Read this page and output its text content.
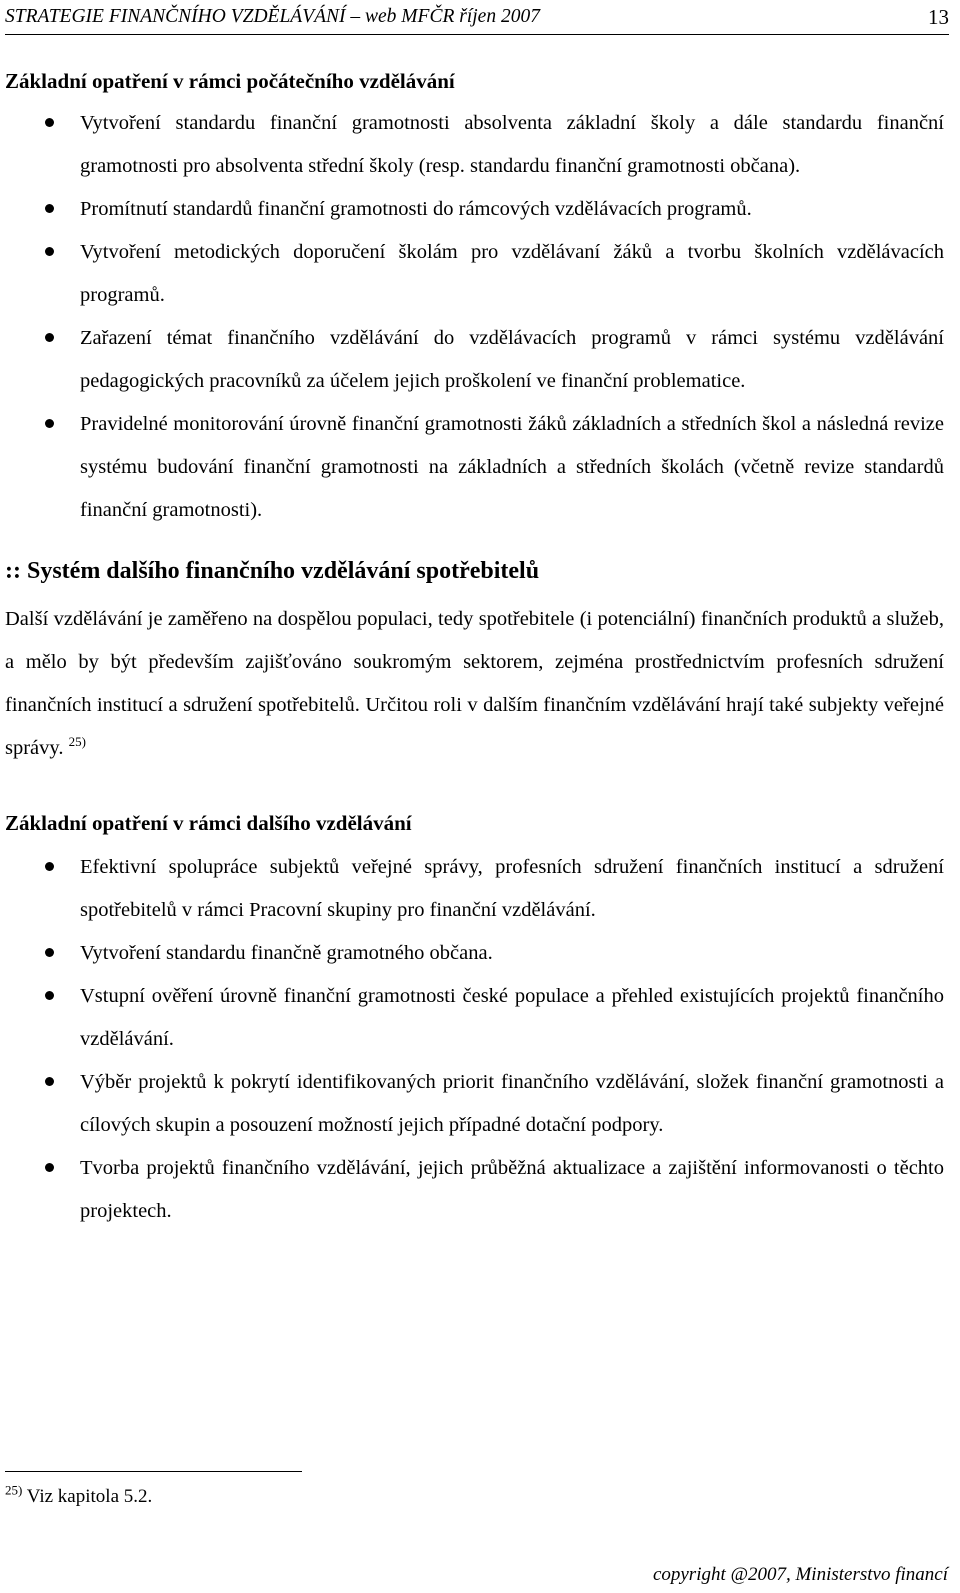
STRATEGIE FINANČNÍHO VZDĚLÁVÁNÍ – web MFČR říjen 2007	13
Základní opatření v rámci počátečního vzdělávání
Vytvoření standardu finanční gramotnosti absolventa základní školy a dále standardu finanční gramotnosti pro absolventa střední školy (resp. standardu finanční gramotnosti občana).
Promítnutí standardů finanční gramotnosti do rámcových vzdělávacích programů.
Vytvoření metodických doporučení školám pro vzdělávaní žáků a tvorbu školních vzdělávacích programů.
Zařazení témat finančního vzdělávání do vzdělávacích programů v rámci systému vzdělávání pedagogických pracovníků za účelem jejich proškolení ve finanční problematice.
Pravidelné monitorování úrovně finanční gramotnosti žáků základních a středních škol a následná revize systému budování finanční gramotnosti na základních a středních školách (včetně revize standardů finanční gramotnosti).
:: Systém dalšího finančního vzdělávání spotřebitelů

Další vzdělávání je zaměřeno na dospělou populaci, tedy spotřebitele (i potenciální) finančních produktů a služeb, a mělo by být především zajišťováno soukromým sektorem, zejména prostřednictvím profesních sdružení finančních institucí a sdružení spotřebitelů. Určitou roli v dalším finančním vzdělávání hrají také subjekty veřejné správy. $^{25)}$

Základní opatření v rámci dalšího vzdělávání
Efektivní spolupráce subjektů veřejné správy, profesních sdružení finančních institucí a sdružení spotřebitelů v rámci Pracovní skupiny pro finanční vzdělávání.
Vytvoření standardu finančně gramotného občana.
Vstupní ověření úrovně finanční gramotnosti české populace a přehled existujících projektů finančního vzdělávání.
Výběr projektů k pokrytí identifikovaných priorit finančního vzdělávání, složek finanční gramotnosti a cílových skupin a posouzení možností jejich případné dotační podpory.
Tvorba projektů finančního vzdělávání, jejich průběžná aktualizace a zajištění informovanosti o těchto projektech.
$^{25)}$ Viz kapitola 5.2.
copyright @2007, Ministerstvo financí
